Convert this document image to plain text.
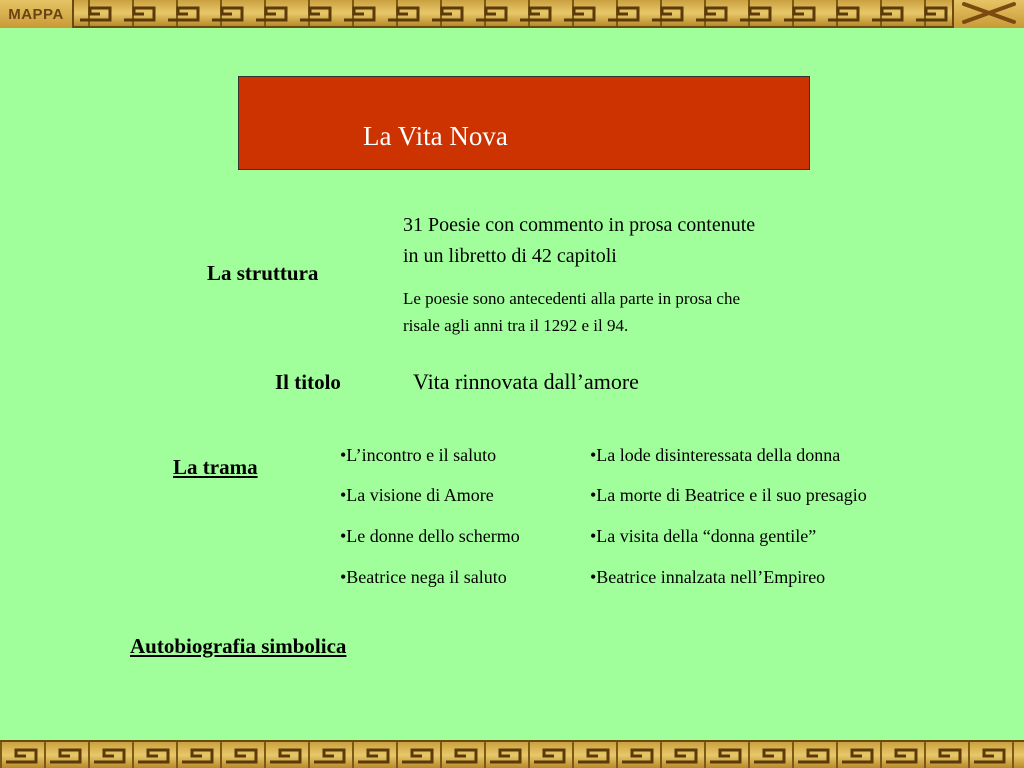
MAPPA
La Vita Nova
La struttura
31 Poesie con commento in prosa contenute
in un libretto di 42 capitoli
Le poesie sono antecedenti alla parte in prosa che
risale agli anni tra il 1292 e il 94.
Il titolo	Vita rinnovata dall’amore
La trama	•L’incontro e il saluto
•La visione di Amore
•Le donne dello schermo
•Beatrice nega il saluto
•La lode disinteressata della donna
•La morte di Beatrice e il suo presagio
•La visita della “donna gentile”
•Beatrice innalzata nell’Empireo
Autobiografia simbolica
